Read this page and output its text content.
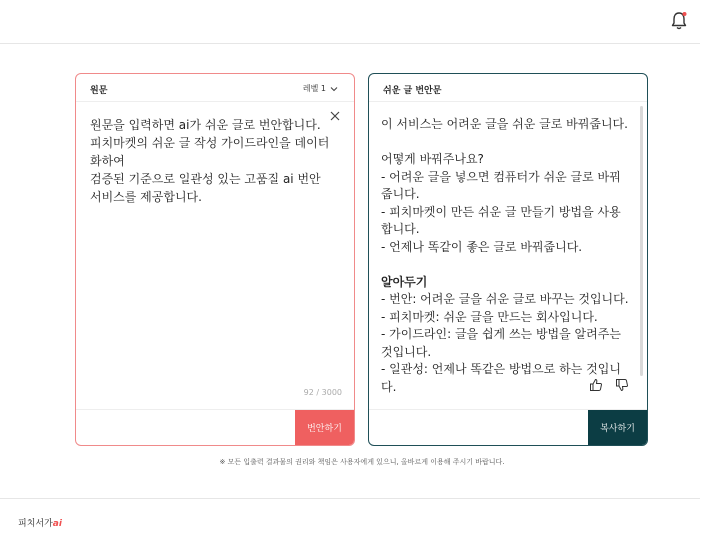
원문	레벨 1
원문을 입력하면 ai가 쉬운 글로 번안합니다.
피치마켓의 쉬운 글 작성 가이드라인을 데이터화하여
검증된 기준으로 일관성 있는 고품질 ai 번안 서비스를 제공합니다.
92 / 3000
번안하기
쉬운 글 번안문

이 서비스는 어려운 글을 쉬운 글로 바꿔줍니다.

어떻게 바꿔주나요?

- 어려운 글을 넣으면 컴퓨터가 쉬운 글로 바꿔줍니다.

- 피치마켓이 만든 쉬운 글 만들기 방법을 사용합니다.

- 언제나 똑같이 좋은 글로 바꿔줍니다.

알아두기

- 번안: 어려운 글을 쉬운 글로 바꾸는 것입니다.

- 피치마켓: 쉬운 글을 만드는 회사입니다.

- 가이드라인: 글을 쉽게 쓰는 방법을 알려주는 것입니다.

- 일관성: 언제나 똑같은 방법으로 하는 것입니다.

복사하기
※ 모든 입출력 결과물의 권리와 책임은 사용자에게 있으니, 올바르게 이용해 주시기 바랍니다.
피치서가ai
